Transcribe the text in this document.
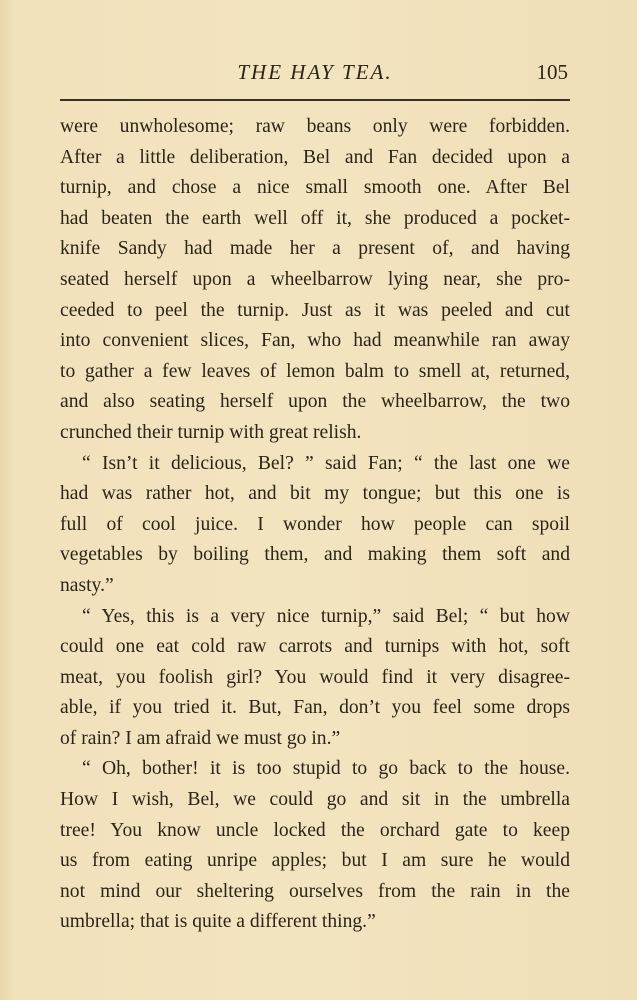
THE HAY TEA.	105
were unwholesome; raw beans only were forbidden.
After a little deliberation, Bel and Fan decided upon a
turnip, and chose a nice small smooth one. After Bel
had beaten the earth well off it, she produced a pocket-
knife Sandy had made her a present of, and having
seated herself upon a wheelbarrow lying near, she pro-
ceeded to peel the turnip. Just as it was peeled and cut
into convenient slices, Fan, who had meanwhile ran away
to gather a few leaves of lemon balm to smell at, returned,
and also seating herself upon the wheelbarrow, the two
crunched their turnip with great relish.
“ Isn’t it delicious, Bel? ” said Fan; “ the last one we
had was rather hot, and bit my tongue; but this one is
full of cool juice. I wonder how people can spoil
vegetables by boiling them, and making them soft and
nasty.”
“ Yes, this is a very nice turnip,” said Bel; “ but how
could one eat cold raw carrots and turnips with hot, soft
meat, you foolish girl? You would find it very disagree-
able, if you tried it. But, Fan, don’t you feel some drops
of rain? I am afraid we must go in.”
“ Oh, bother! it is too stupid to go back to the house.
How I wish, Bel, we could go and sit in the umbrella
tree! You know uncle locked the orchard gate to keep
us from eating unripe apples; but I am sure he would
not mind our sheltering ourselves from the rain in the
umbrella; that is quite a different thing.”
